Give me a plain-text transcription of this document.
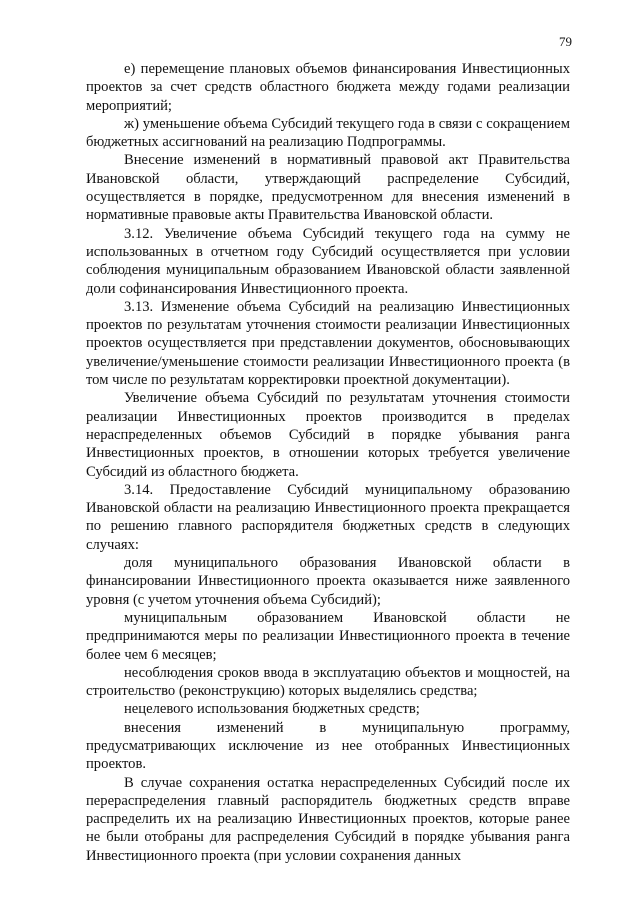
79

е) перемещение плановых объемов финансирования Инвестиционных проектов за счет средств областного бюджета между годами реализации мероприятий;

ж) уменьшение объема Субсидий текущего года в связи с сокращением бюджетных ассигнований на реализацию Подпрограммы.

Внесение изменений в нормативный правовой акт Правительства Ивановской области, утверждающий распределение Субсидий, осуществляется в порядке, предусмотренном для внесения изменений в нормативные правовые акты Правительства Ивановской области.

3.12. Увеличение объема Субсидий текущего года на сумму не использованных в отчетном году Субсидий осуществляется при условии соблюдения муниципальным образованием Ивановской области заявленной доли софинансирования Инвестиционного проекта.

3.13. Изменение объема Субсидий на реализацию Инвестиционных проектов по результатам уточнения стоимости реализации Инвестиционных проектов осуществляется при представлении документов, обосновывающих увеличение/уменьшение стоимости реализации Инвестиционного проекта (в том числе по результатам корректировки проектной документации).

Увеличение объема Субсидий по результатам уточнения стоимости реализации Инвестиционных проектов производится в пределах нераспределенных объемов Субсидий в порядке убывания ранга Инвестиционных проектов, в отношении которых требуется увеличение Субсидий из областного бюджета.

3.14. Предоставление Субсидий муниципальному образованию Ивановской области на реализацию Инвестиционного проекта прекращается по решению главного распорядителя бюджетных средств в следующих случаях:

доля муниципального образования Ивановской области в финансировании Инвестиционного проекта оказывается ниже заявленного уровня (с учетом уточнения объема Субсидий);

муниципальным образованием Ивановской области не предпринимаются меры по реализации Инвестиционного проекта в течение более чем 6 месяцев;

несоблюдения сроков ввода в эксплуатацию объектов и мощностей, на строительство (реконструкцию) которых выделялись средства;

нецелевого использования бюджетных средств;

внесения изменений в муниципальную программу, предусматривающих исключение из нее отобранных Инвестиционных проектов.

В случае сохранения остатка нераспределенных Субсидий после их перераспределения главный распорядитель бюджетных средств вправе распределить их на реализацию Инвестиционных проектов, которые ранее не были отобраны для распределения Субсидий в порядке убывания ранга Инвестиционного проекта (при условии сохранения данных
